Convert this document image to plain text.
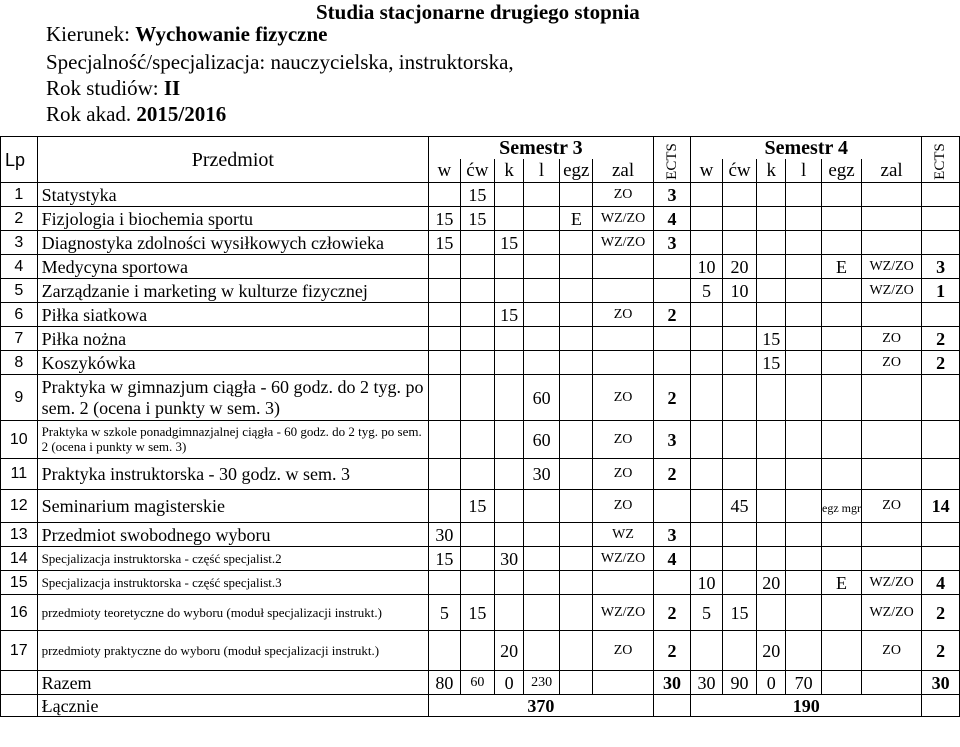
Studia stacjonarne drugiego stopnia
Kierunek: Wychowanie fizyczne
Specjalność/specjalizacja: nauczycielska, instruktorska,
Rok studiów: II
Rok akad. 2015/2016
Lp	Przedmiot	Semestr 3						ECTS	Semestr 4						ECTS
		w	ćw	k	l	egz	zal		w	ćw	k	l	egz	zal	
1	Statystyka		15				ZO	3							
2	Fizjologia i biochemia sportu	15	15			E	WZ/ZO	4							
3	Diagnostyka zdolności wysiłkowych człowieka	15		15			WZ/ZO	3							
4	Medycyna sportowa								10	20			E	WZ/ZO	3
5	Zarządzanie i marketing w kulturze fizycznej								5	10				WZ/ZO	1
6	Piłka siatkowa			15			ZO	2							
7	Piłka nożna										15			ZO	2
8	Koszykówka										15			ZO	2
9	Praktyka w gimnazjum ciągła - 60 godz. do 2 tyg. po sem. 2 (ocena i punkty w sem. 3)				60		ZO	2							
10	Praktyka w szkole ponadgimnazjalnej ciągła - 60 godz. do 2 tyg. po sem. 2 (ocena i punkty w sem. 3)				60		ZO	3							
11	Praktyka instruktorska - 30 godz. w sem. 3				30		ZO	2							
12	Seminarium magisterskie		15				ZO			45			egz mgr	ZO	14
13	Przedmiot swobodnego wyboru	30					WZ	3							
14	Specjalizacja instruktorska - część specjalist.2	15		30			WZ/ZO	4							
15	Specjalizacja instruktorska - część specjalist.3								10		20		E	WZ/ZO	4
16	przedmioty teoretyczne do wyboru (moduł specjalizacji instrukt.)	5	15				WZ/ZO	2	5	15				WZ/ZO	2
17	przedmioty praktyczne do wyboru (moduł specjalizacji instrukt.)			20			ZO	2			20			ZO	2
	Razem	80	60	0	230			30	30	90	0	70			30
	Łącznie	370							190						
